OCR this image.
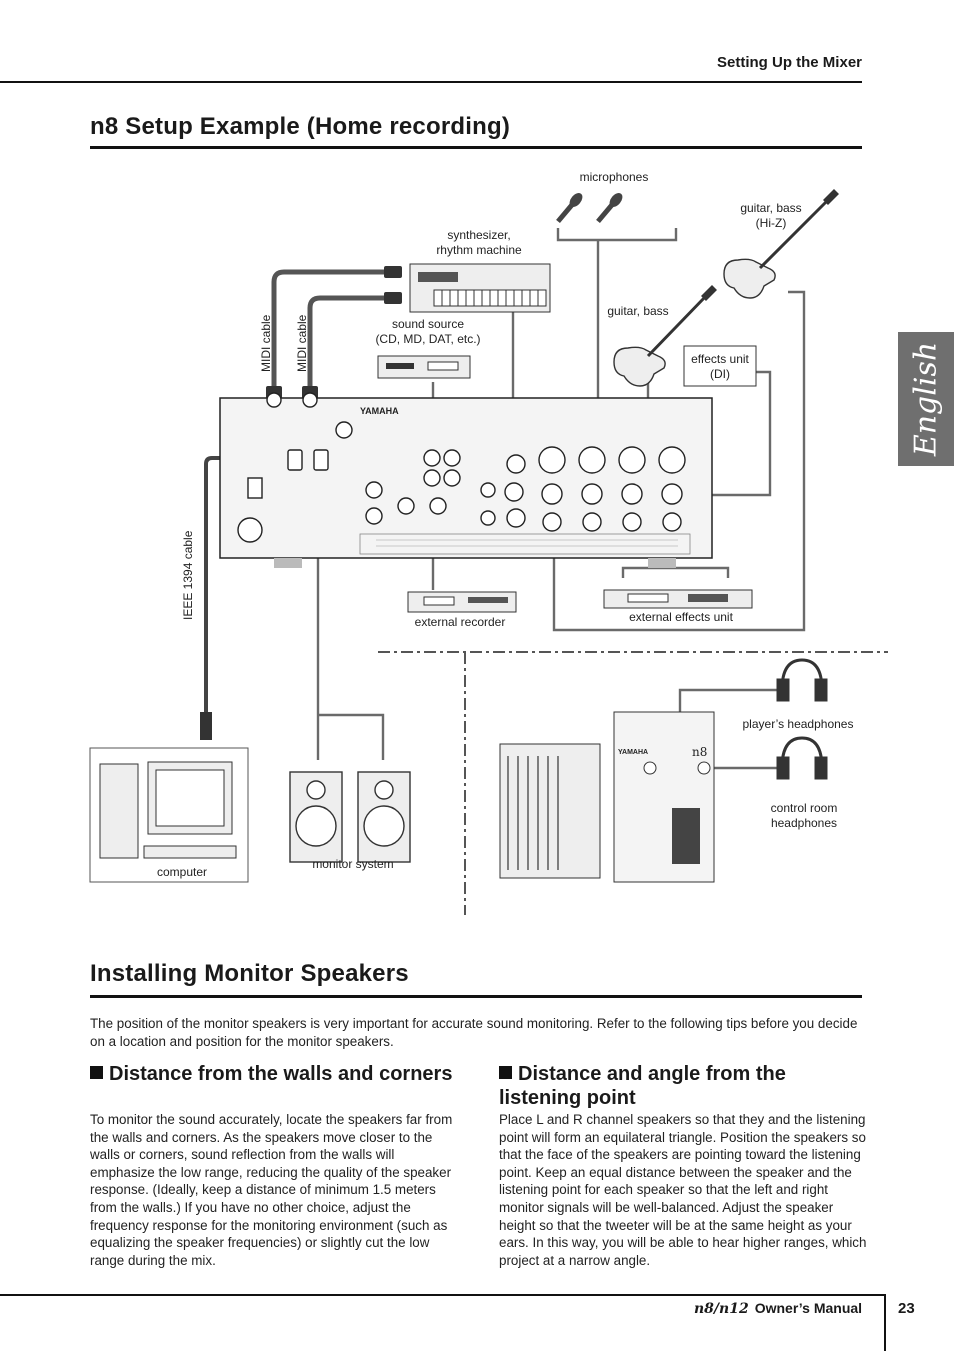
Setting Up the Mixer
English
n8 Setup Example (Home recording)
YAMAHA
YAMAHA	n8
microphones
guitar, bass
(Hi-Z)
synthesizer,
rhythm machine
guitar, bass
sound source
(CD, MD, DAT, etc.)
effects unit
(DI)
MIDI cable MIDI cable
IEEE 1394 cable
external recorder	external effects unit
player’s headphones
control room
headphones
computer
monitor system
Installing Monitor Speakers
The position of the monitor speakers is very important for accurate sound monitoring. Refer to the following tips before you decide on a location and position for the monitor speakers.
Distance from the walls and corners
To monitor the sound accurately, locate the speakers far from the walls and corners. As the speakers move closer to the walls or corners, sound reflection from the walls will emphasize the low range, reducing the quality of the speaker response. (Ideally, keep a distance of minimum 1.5 meters from the walls.) If you have no other choice, adjust the frequency response for the monitoring environment (such as equalizing the speaker frequencies) or slightly cut the low range during the mix.
Distance and angle from the listening point
Place L and R channel speakers so that they and the listening point will form an equilateral triangle. Position the speakers so that the face of the speakers are pointing toward the listening point. Keep an equal distance between the speaker and the listening point for each speaker so that the left and right monitor signals will be well-balanced. Adjust the speaker height so that the tweeter will be at the same height as your ears. In this way, you will be able to hear higher ranges, which project at a narrow angle.
n8/n12 Owner’s Manual 23
